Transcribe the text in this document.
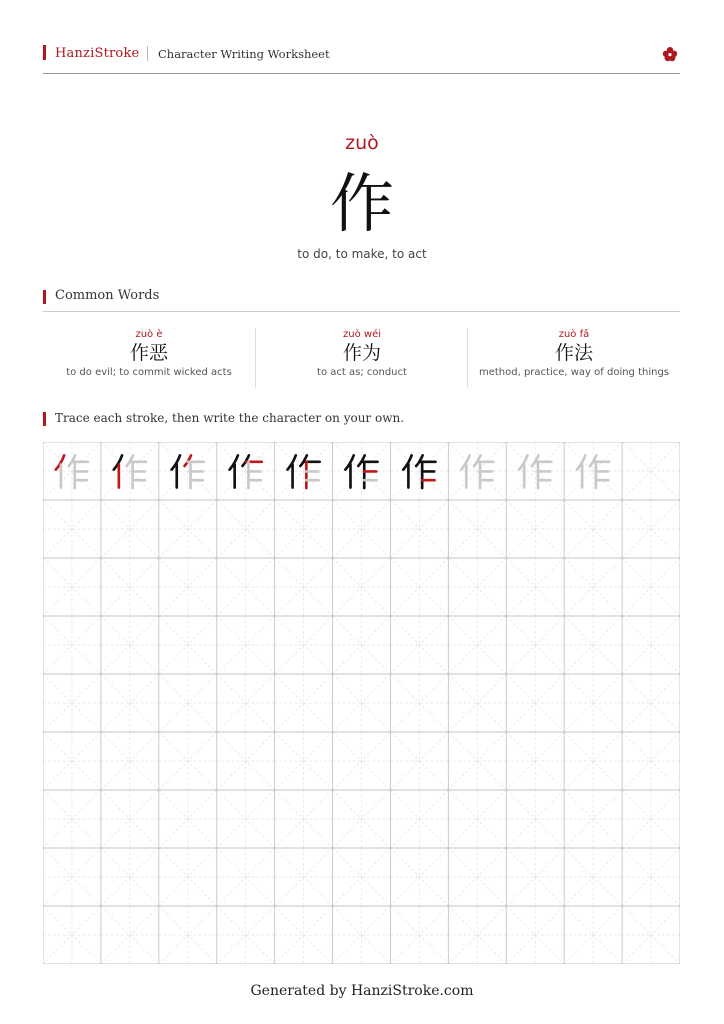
HanziStroke Character Writing Worksheet
zuò
作
to do, to make, to act
Common Words
zuò è
作恶
to do evil; to commit wicked acts
zuò wéi
作为
to act as; conduct
zuò fǎ
作法
method, practice, way of doing things
Trace each stroke, then write the character on your own.
Generated by HanziStroke.com
